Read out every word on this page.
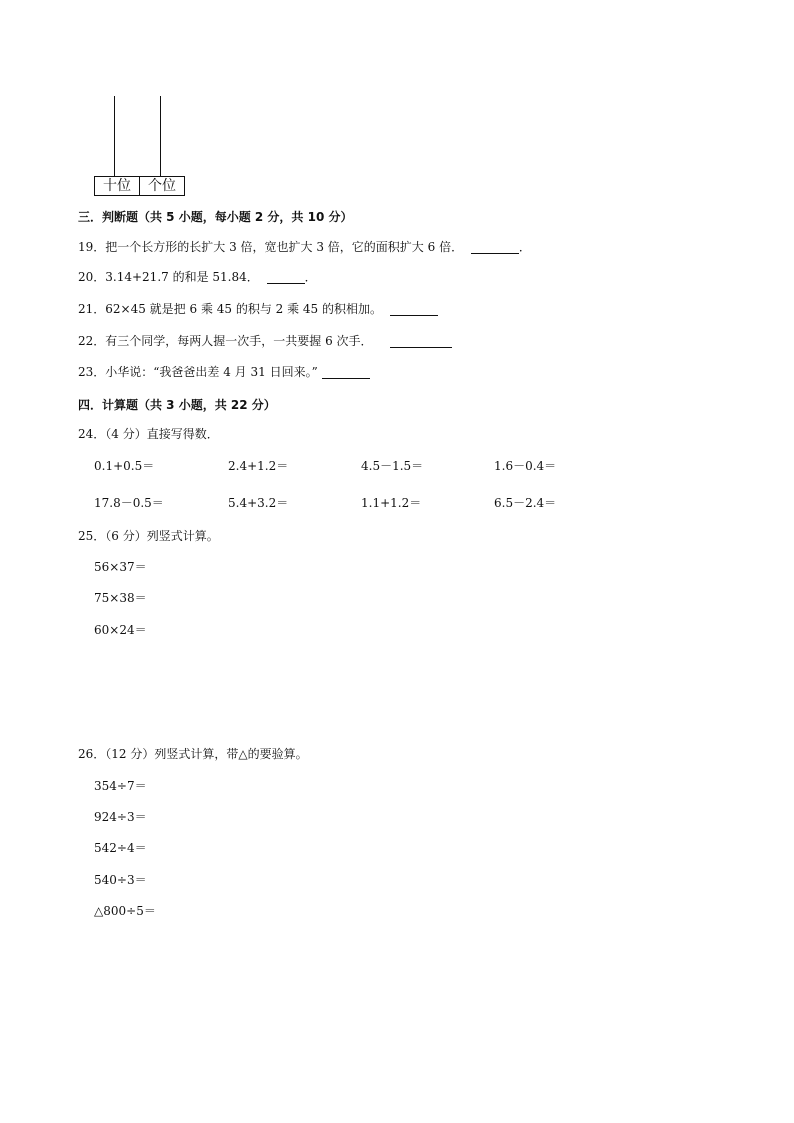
十位	个位
三．判断题（共 5 小题，每小题 2 分，共 10 分）
19．把一个长方形的长扩大 3 倍，宽也扩大 3 倍，它的面积扩大 6 倍．	．
20．3.14+21.7 的和是 51.84．	．
21．62×45 就是把 6 乘 45 的积与 2 乘 45 的积相加。
22．有三个同学，每两人握一次手，一共要握 6 次手．
23．小华说：“我爸爸出差 4 月 31 日回来。”
四．计算题（共 3 小题，共 22 分）
24．（4 分）直接写得数．
0.1+0.5＝	2.4+1.2＝	4.5－1.5＝	1.6－0.4＝
17.8－0.5＝	5.4+3.2＝	1.1+1.2＝	6.5－2.4＝
25．（6 分）列竖式计算。
56×37＝
75×38＝
60×24＝
26．（12 分）列竖式计算，带△的要验算。
354÷7＝
924÷3＝
542÷4＝
540÷3＝
△800÷5＝
